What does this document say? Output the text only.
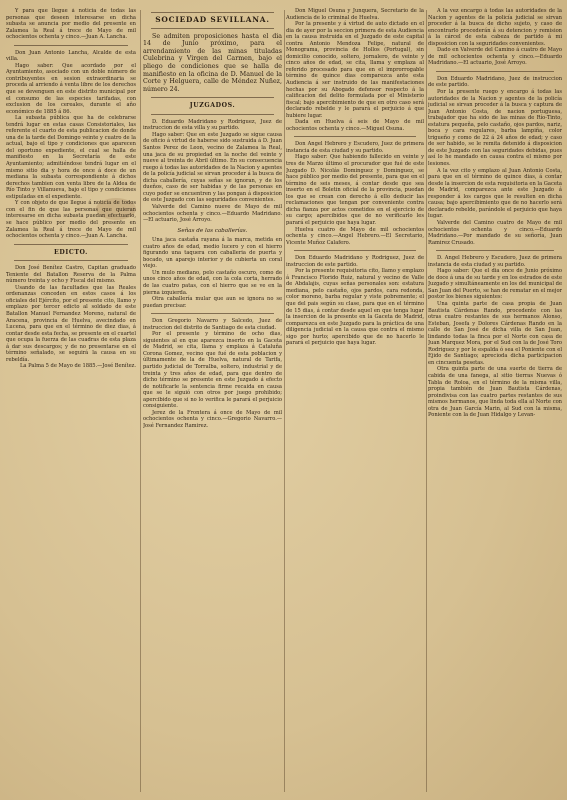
Y para que llegue á noticia de todas las personas que deseen interesarse en dicha subasta se anuncia por medio del presente en Zalamea la Real á trece de Mayo de mil ochocientos ochenta y cinco.—Juan A. Lancha.

Don Juan Antonio Lancha, Alcalde de esta villa.

Hago saber: Que acordado por el Ayuntamiento, asociado con un doble número de contribuyentes en sesion extraordinaria se proceda al arriendo á venta libre de los derechos que se devenguen en este distrito municipal por el consumo de las especies tarifadas, con exclusion de los cereales, durante el año económico de 1885 á 86.

La subasta pública que ha de celebrarse tendrá lugar en estas casas Consistoriales, las referente el cuarto de esta publicacion de donde una de la tarde del Domingo veinte y cuatro de la actual, bajo el tipo y condiciones que aparecen del oportuno expediente, el cual se halla de manifiesto en la Secretaría de este Ayuntamiento; admitiéndose tendrá lugar en el mismo sitio dia y hora de once á doce de un mediana la subasta correspondiente á dichos derechos tambien con venta libre de la Aldea de Río Tinto y Villanueva, bajo el tipo y condiciones estipuladas en el expediente.

Y con objeto de que llegue á noticia de todos con el fin de que las personas que quieran interesarse en dicha subasta puedan efectuarlo, se hace público por medio del presente en Zalamea la Real á trece de Mayo de mil ochocientos ochenta y cinco.—Juan A. Lancha.

EDICTO.

Don José Benítez Castro, Capitan graduado Teniente del Batallon Reserva de la Palma número treinta y ocho y Fiscal del mismo.

Usando de las facultades que las Reales ordenanzas conceden en estos casos á los oficiales del Ejército, por el presente cito, llamo y emplazo por tercer edicto al soldado de este Batallon Manuel Fernandez Moreno, natural de Aracena, provincia de Huelva, avecindado en Lucena, para que en el término de diez dias, á contar desde esta fecha, se presente en el cuartel que ocupa la fuerza de las cuadras de esta plaza á dar sus descargos; y de no presentarse en el término señalado, se seguirá la causa en su rebeldía.

La Palma 5 de Mayo de 1885.—José Benítez.

SOCIEDAD SEVILLANA.

Se admiten proposiciones hasta el dia 14 de Junio próximo, para el arrendamiento de las minas tituladas Culebrina y Virgen del Carmen, bajo el pliego de condiciones que se halla de manifiesto en la oficina de D. Manuel de la Corte y Helguera, calle de Méndez Nuñez, número 24.

JUZGADOS.

D. Eduardo Madridano y Rodriguez, Juez de instruccion de esta villa y su partido.

Hago saber: Que en este Juzgado se sigue causa de oficio á virtud de haberse sido sustraida á D. Juan Santos Perez de Leon, vecino de Zalamea la Real, una jaca de su propiedad en la noche del veinte y nueve al treinta de Abril último. En su consecuencia ruego á todas las autoridades de la Nacion y agentes de la policía judicial se sirvan proceder á la busca de dicha caballería, cuyas señas se ignoran, y de los dueños, caso de ser habidas y de las personas en cuyo poder se encuentren y las pongan á disposicion de este Juzgado con las seguridades convenientes.

Valverde del Camino nueve de Mayo de mil ochocientos ochenta y cinco.—Eduardo Madridano.—El actuario, José Arroyo.

Señas de las caballerías.

Una jaca castaña rayana á la marca, metida en cuatro años de edad, medio lucero y con el hierro figurando una taquera con caballeria de puerta y bocado, un aparejo interior y de cubierta un coral viejo.

Un mulo mediano, pelo castaño oscuro, como de unos cinco años de edad, con la cola corta, herrado de las cuatro patas, con el hierro que se ve en la pierna izquierda.

Otra caballería mular que aun se ignora no se puedan precisar.

Don Gregorio Navarro y Salcedo, Juez de instruccion del distrito de Santiago de esta ciudad.

Por el presente y término de ocho dias, siguientes al en que aparezca inserto en la Gaceta de Madrid, se cita, llama y emplaza á Cataluña Corona Gomez, vecino que fué de esta poblacion y últimamente de la de Huelva, natural de Tarifa, partido judicial de Torralba, soltero, industrial y de treinta y tres años de edad, para que dentro de dicho término se presente en este Juzgado á efecto de notificarle la sentencia firme recaida en causa que se le siguió con otros por juego prohibido; apercibido que si no lo verifica le parará el perjuicio consiguiente.

Jerez de la Frontera á once de Mayo de mil ochocientos ochenta y cinco.—Gregorio Navarro.—José Fernandez Ramirez.

Don Miguel Osuna y Junquera, Secretario de la Audiencia de lo criminal de Huelva.

Por la presente y á virtud de auto dictado en el dia de ayer por la seccion primera de esta Audiencia en la causa instruida en el Juzgado de este capital contra Antonio Mendoza Felipe, natural de Monograma, provincia de Hollos (Portugal), sin domicilio conocido, soltero, jornalero, de veinte y cinco años de edad, se cita, llama y emplaza al referido procesado para que en el improrrogable término de quince dias comparezca ante esta Audiencia á ser instruido de las manifestaciones hechas por su Abogado defensor respecto á la calificacion del delito formulada por el Ministerio fiscal; bajo apercibimiento de que en otro caso será declarado rebelde y le parará el perjuicio á que hubiere lugar.

Dada en Huelva á seis de Mayo de mil ochocientos ochenta y cinco.—Miguel Osuna.

Don Angel Hebrero y Escudero, Juez de primera instancia de esta ciudad y su partido.

Hago saber: Que habiendo fallecido en veinte y tres de Marzo último el procurador que fué de este Juzgado D. Nicolás Dominguez y Dominguez, se hace público por medio del presente, para que en el término de seis meses, á contar desde que sea inserto en el Boletin oficial de la provincia, puedan los que se crean con derecho á ello deducir las reclamaciones que tengan por conveniente contra dicha fianza por actos cometidos en el ejercicio de su cargo; apercibidos que de no verificarlo les parará el perjuicio que haya lugar.

Huelva cuatro de Mayo de mil ochocientos ochenta y cinco.—Angel Hebrero.—El Secretario, Vicente Muñoz Calafero.

Don Eduardo Madridano y Rodriguez, Juez de instruccion de este partido.

Por la presente requisitoria cito, llamo y emplazo á Francisco Florido Ruiz, natural y vecino de Valle de Abdalajis, cuyas señas personales son: estatura mediana, pelo castaño, ojos pardos, cara redonda, color moreno, barba regular y viste pobremente; el que del pais según su clase, para que en el término de 15 dias, á contar desde aquel en que tenga lugar la insercion de la presente en la Gaceta de Madrid, comparezca en este Juzgado para la práctica de una diligencia judicial en la causa que contra el mismo sigo por hurto; apercibido que de no hacerlo le parará el perjuicio que haya lugar.

A la vez encargo á todas las autoridades de la Nacion y agentes de la policía judicial se sirvan proceder á la busca de dicho sujeto, y caso de encontrarlo procederán á su detencion y remision á la cárcel de esta cabeza de partido á mi disposicion con la seguridades convenientes.

Dado en Valverde del Camino á cuatro de Mayo de mil ochocientos ochenta y cinco.—Eduardo Madridano.—El actuario, José Arroyo.

Don Eduardo Madridano, Juez de instruccion de este partido.

Por la presente ruego y encargo á todas las autoridades de la Nacion y agentes de la policía judicial se sirvan proceder á la busca y captura de Juan Antonio Costa, de nacion portuguesa, trabajador que ha sido de las minas de Río-Tinto, estatura pequeña, pelo castaño, ojos pardos, nariz, boca y cara regulares, barba lampiña, color trigueño y como de 22 á 24 años de edad; y caso de ser habido, se le remita detenido á disposicion de este Juzgado con las seguridades debidas, pues así lo he mandado en causa contra el mismo por lesiones.

A la vez cito y emplazo al Juan Antonio Costa, para que en el término de quince dias, á contar desde la insercion de esta requisitoria en la Gaceta de Madrid, comparezca ante este Juzgado á responder á los cargos que le resulten en dicha causa; bajo apercibimiento que de no hacerlo será declarado rebelde, parándole el perjuicio que haya lugar.

Valverde del Camino cuatro de Mayo de mil ochocientos ochenta y cinco.—Eduardo Madridano.—Por mandado de su señoría, Juan Ramirez Crusado.

D. Angel Hebrero y Escudero, Juez de primera instancia de esta ciudad y su partido.

Hago saber: Que el dia once de Junio próximo de doce á una de su tarde y en los estrados de este Juzgado y simultáneamente en los del municipal de San Juan del Puerto, se han de rematar en el mejor postor los bienes siguientes:

Una quinta parte de casa propia de Juan Bautista Cárdenas Rando, procedente con las otras cuatro restantes de sus hermanos Alonso, Esteban, Josefa y Dolores Cárdenas Rando en la calle de San José de dicha villa de San Juan, lindando todas la finca por el Norte con casa de Juan Marquez Mora, por el Sud con la de José Toro Rodriguez y por le espalda ó sea el Poniente con el Ejido de Santiago; aprecioda dicha participacion en cincuenta pesetas.

Otra quinta parte de una suerte de tierra de cabida de una fanega, al sitio tierras Nuevas ó Tabla de Roloa, en el término de la misma villa, propia también de Juan Bautista Cárdenas, proindivisa con las cuatro partes restantes de sus mismos hermanos, que linda toda ella al Norte con otra de Juan García Marin, al Sud con la misma, Poniente con la de Juan Hidalgo y Levan-
